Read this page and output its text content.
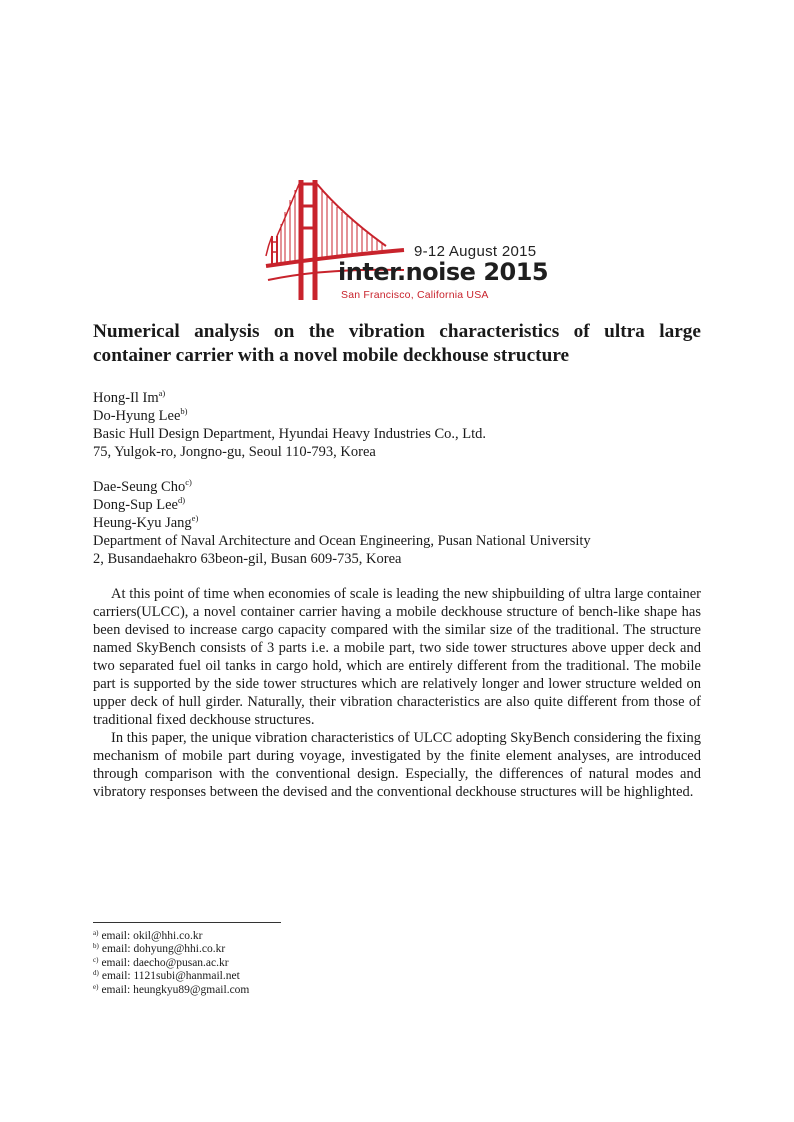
9-12 August 2015
inter.noise 2015
San Francisco, California USA
Numerical analysis on the vibration characteristics of ultra large
container carrier with a novel mobile deckhouse structure
Hong-Il Im$^{a)}$
Do-Hyung Lee$^{b)}$
Basic Hull Design Department, Hyundai Heavy Industries Co., Ltd.
75, Yulgok-ro, Jongno-gu, Seoul 110-793, Korea
Dae-Seung Cho$^{c)}$
Dong-Sup Lee$^{d)}$
Heung-Kyu Jang$^{e)}$
Department of Naval Architecture and Ocean Engineering, Pusan National University
2, Busandaehakro 63beon-gil, Busan 609-735, Korea

At this point of time when economies of scale is leading the new shipbuilding of ultra large container carriers(ULCC), a novel container carrier having a mobile deckhouse structure of bench-like shape has been devised to increase cargo capacity compared with the similar size of the traditional. The structure named SkyBench consists of 3 parts i.e. a mobile part, two side tower structures above upper deck and two separated fuel oil tanks in cargo hold, which are entirely different from the traditional. The mobile part is supported by the side tower structures which are relatively longer and lower structure welded on upper deck of hull girder. Naturally, their vibration characteristics are also quite different from those of traditional fixed deckhouse structures.

In this paper, the unique vibration characteristics of ULCC adopting SkyBench considering the fixing mechanism of mobile part during voyage, investigated by the finite element analyses, are introduced through comparison with the conventional design. Especially, the differences of natural modes and vibratory responses between the devised and the conventional deckhouse structures will be highlighted.

$^{a)}$ email: okil@hhi.co.kr
$^{b)}$ email: dohyung@hhi.co.kr
$^{c)}$ email: daecho@pusan.ac.kr
$^{d)}$ email: 1121subi@hanmail.net
$^{e)}$ email: heungkyu89@gmail.com
